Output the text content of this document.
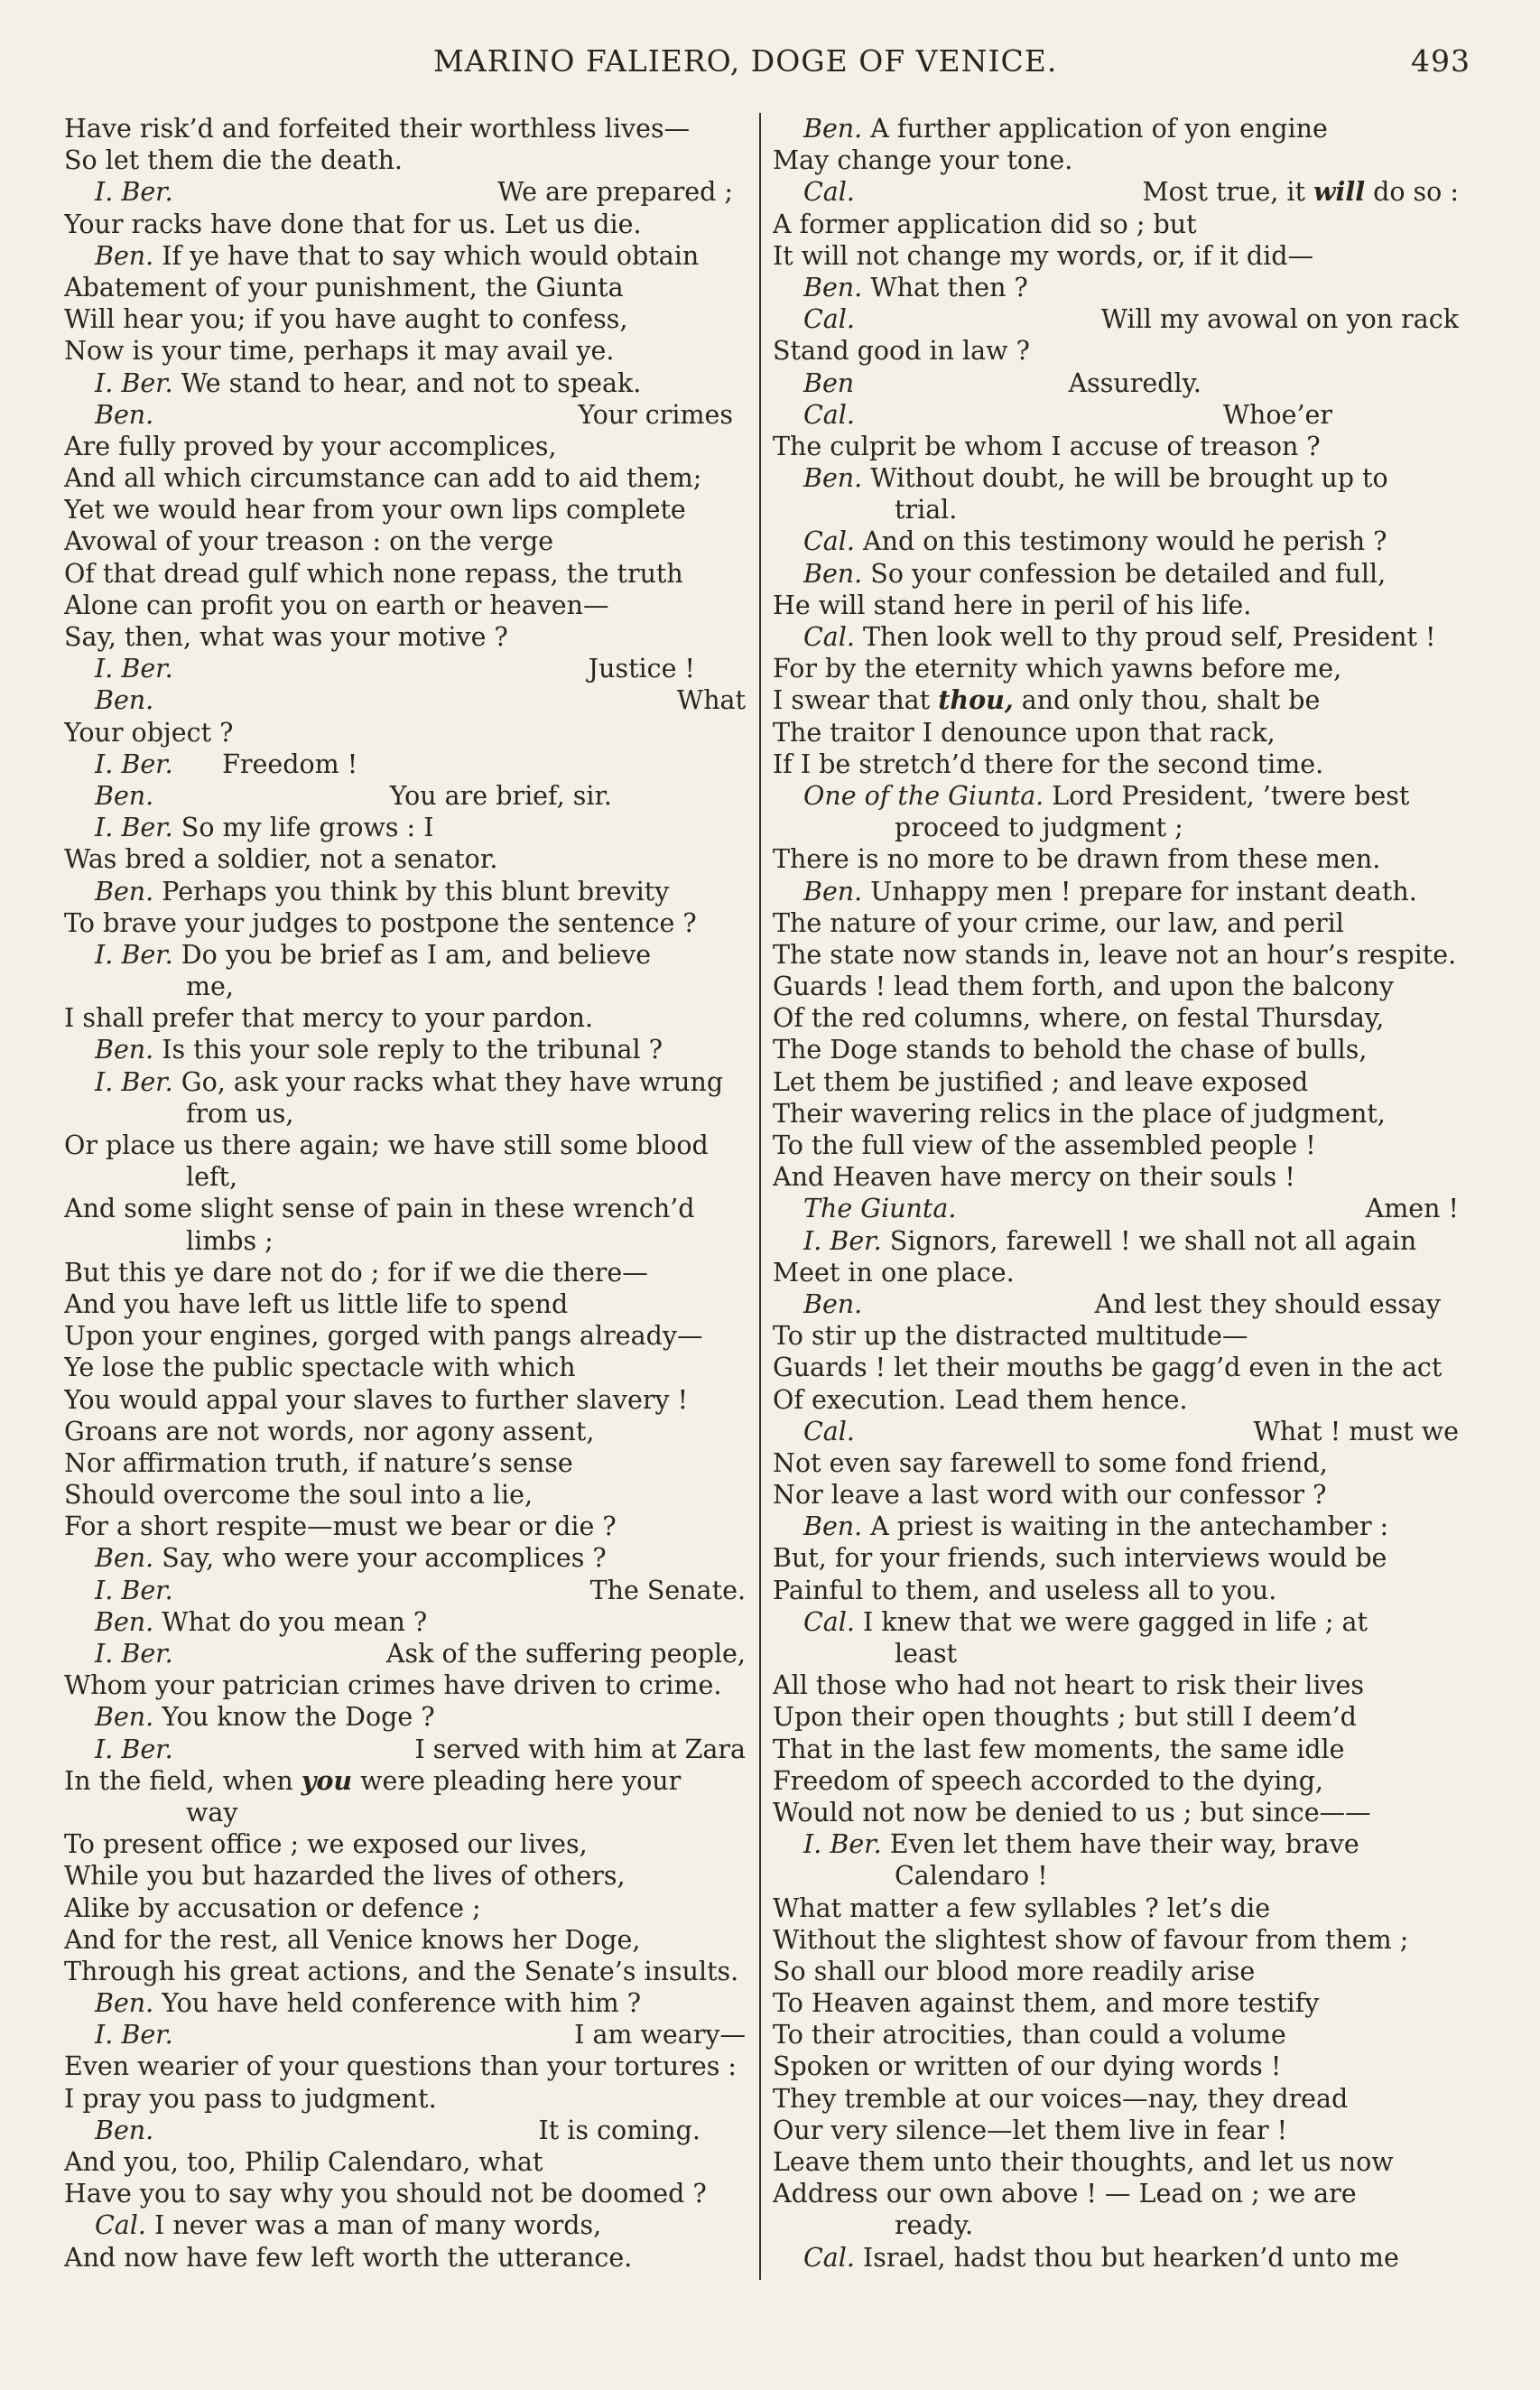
MARINO FALIERO, DOGE OF VENICE.	493
Have risk’d and forfeited their worthless lives—
So let them die the death.
I. Ber.	We are prepared ;
Your racks have done that for us. Let us die.
Ben. If ye have that to say which would obtain
Abatement of your punishment, the Giunta
Will hear you; if you have aught to confess,
Now is your time, perhaps it may avail ye.
I. Ber. We stand to hear, and not to speak.
Ben.	Your crimes
Are fully proved by your accomplices,
And all which circumstance can add to aid them;
Yet we would hear from your own lips complete
Avowal of your treason : on the verge
Of that dread gulf which none repass, the truth
Alone can profit you on earth or heaven—
Say, then, what was your motive ?
I. Ber.	Justice !
Ben.	What
Your object ?
I. Ber.      Freedom !
Ben.	You are brief, sir.
I. Ber. So my life grows : I
Was bred a soldier, not a senator.
Ben. Perhaps you think by this blunt brevity
To brave your judges to postpone the sentence ?
I. Ber. Do you be brief as I am, and believe
me,
I shall prefer that mercy to your pardon.
Ben. Is this your sole reply to the tribunal ?
I. Ber. Go, ask your racks what they have wrung
from us,
Or place us there again; we have still some blood
left,
And some slight sense of pain in these wrench’d
limbs ;
But this ye dare not do ; for if we die there—
And you have left us little life to spend
Upon your engines, gorged with pangs already—
Ye lose the public spectacle with which
You would appal your slaves to further slavery !
Groans are not words, nor agony assent,
Nor affirmation truth, if nature’s sense
Should overcome the soul into a lie,
For a short respite—must we bear or die ?
Ben. Say, who were your accomplices ?
I. Ber.	The Senate.
Ben. What do you mean ?
I. Ber.	Ask of the suffering people,
Whom your patrician crimes have driven to crime.
Ben. You know the Doge ?
I. Ber.	I served with him at Zara
In the field, when you were pleading here your
way
To present office ; we exposed our lives,
While you but hazarded the lives of others,
Alike by accusation or defence ;
And for the rest, all Venice knows her Doge,
Through his great actions, and the Senate’s insults.
Ben. You have held conference with him ?
I. Ber.	I am weary—
Even wearier of your questions than your tortures :
I pray you pass to judgment.
Ben.	It is coming.
And you, too, Philip Calendaro, what
Have you to say why you should not be doomed ?
Cal. I never was a man of many words,
And now have few left worth the utterance.
Ben. A further application of yon engine
May change your tone.
Cal.	Most true, it will do so :
A former application did so ; but
It will not change my words, or, if it did—
Ben. What then ?
Cal.	Will my avowal on yon rack
Stand good in law ?
Ben	Assuredly.
Cal.	Whoe’er
The culprit be whom I accuse of treason ?
Ben. Without doubt, he will be brought up to
trial.
Cal. And on this testimony would he perish ?
Ben. So your confession be detailed and full,
He will stand here in peril of his life.
Cal. Then look well to thy proud self, President !
For by the eternity which yawns before me,
I swear that thou, and only thou, shalt be
The traitor I denounce upon that rack,
If I be stretch’d there for the second time.
One of the Giunta. Lord President, ’twere best
proceed to judgment ;
There is no more to be drawn from these men.
Ben. Unhappy men ! prepare for instant death.
The nature of your crime, our law, and peril
The state now stands in, leave not an hour’s respite.
Guards ! lead them forth, and upon the balcony
Of the red columns, where, on festal Thursday,
The Doge stands to behold the chase of bulls,
Let them be justified ; and leave exposed
Their wavering relics in the place of judgment,
To the full view of the assembled people !
And Heaven have mercy on their souls !
The Giunta.	Amen !
I. Ber. Signors, farewell ! we shall not all again
Meet in one place.
Ben.	And lest they should essay
To stir up the distracted multitude—
Guards ! let their mouths be gagg’d even in the act
Of execution. Lead them hence.
Cal.	What ! must we
Not even say farewell to some fond friend,
Nor leave a last word with our confessor ?
Ben. A priest is waiting in the antechamber :
But, for your friends, such interviews would be
Painful to them, and useless all to you.
Cal. I knew that we were gagged in life ; at
least
All those who had not heart to risk their lives
Upon their open thoughts ; but still I deem’d
That in the last few moments, the same idle
Freedom of speech accorded to the dying,
Would not now be denied to us ; but since——
I. Ber. Even let them have their way, brave
Calendaro !
What matter a few syllables ? let’s die
Without the slightest show of favour from them ;
So shall our blood more readily arise
To Heaven against them, and more testify
To their atrocities, than could a volume
Spoken or written of our dying words !
They tremble at our voices—nay, they dread
Our very silence—let them live in fear !
Leave them unto their thoughts, and let us now
Address our own above ! — Lead on ; we are
ready.
Cal. Israel, hadst thou but hearken’d unto me
